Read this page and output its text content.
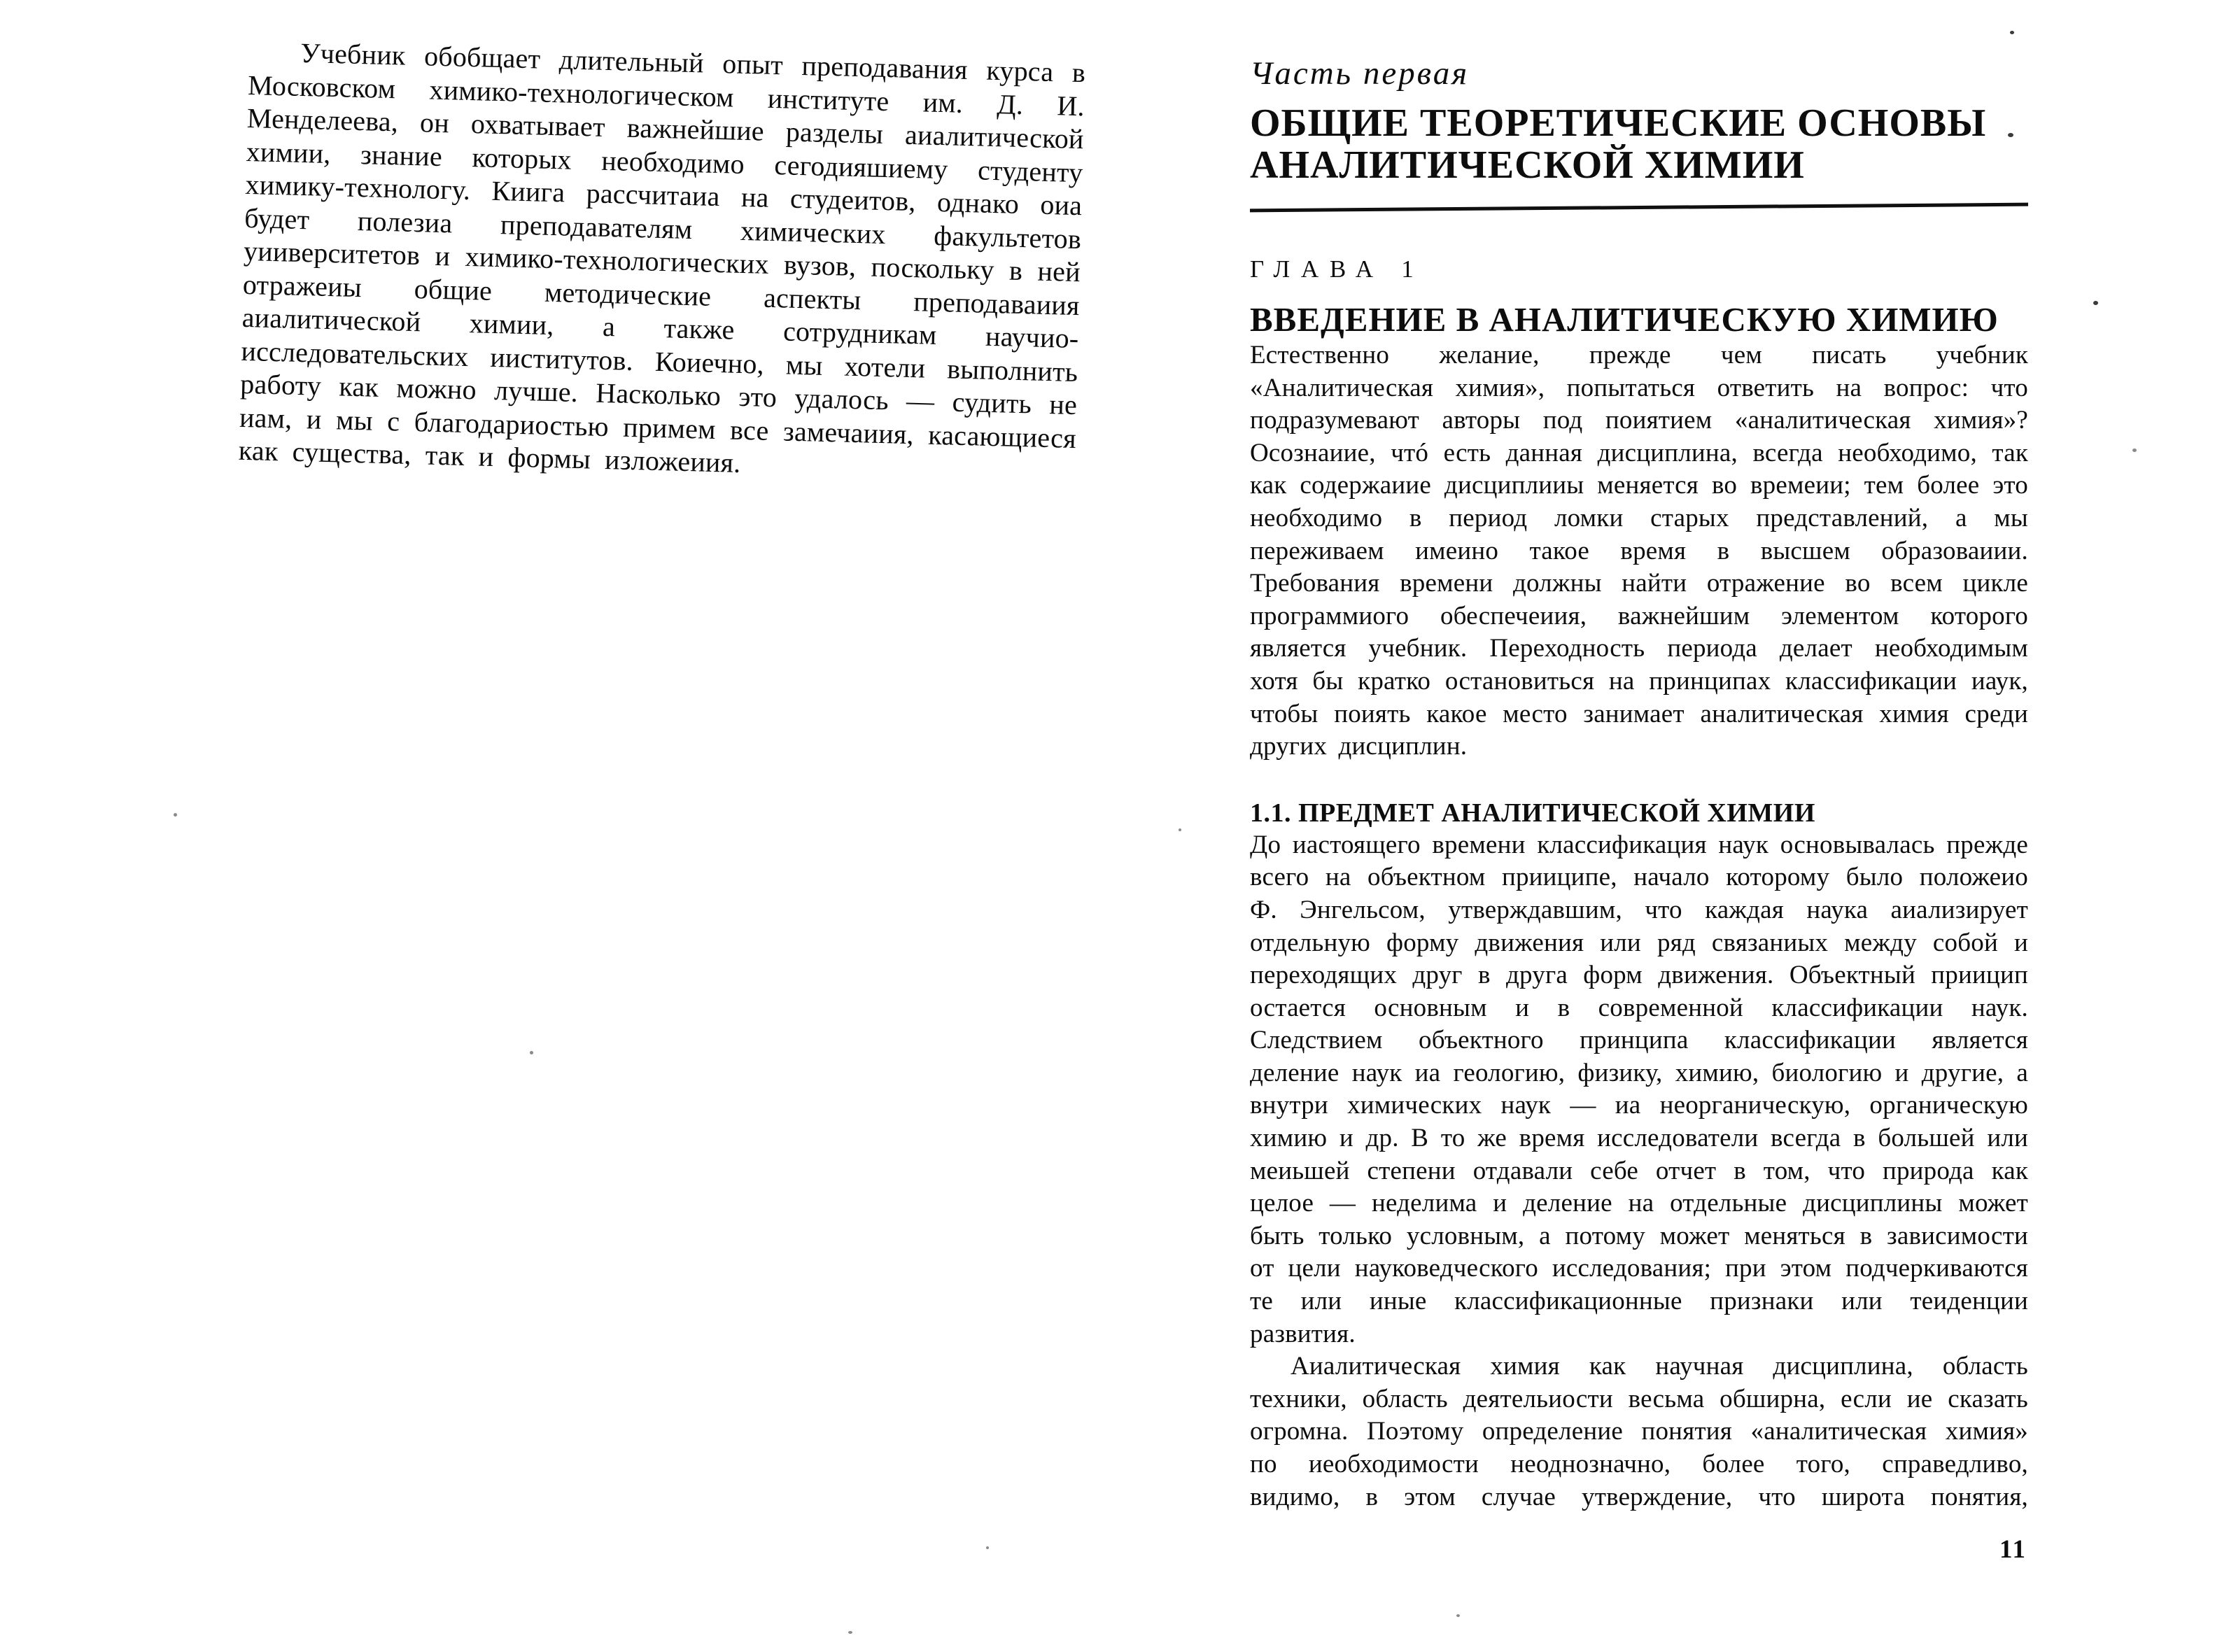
Учебник обобщает длительный опыт преподавания курса в Московском химико-технологическом институте им. Д. И. Менделеева, он охватывает важнейшие разделы аиалитической химии, знание которых необходимо сегодияшиему студенту химику-технологу. Киига рассчитаиа на студеитов, однако оиа будет полезиа преподавателям химических факультетов уииверситетов и химико-технологических вузов, поскольку в ней отражеиы общие методические аспекты преподаваиия аиалитической химии, а также сотрудникам научио-исследовательских ииститутов. Коиечно, мы хотели выполнить работу как можно лучше. Насколько это удалось — судить не иам, и мы с благодариостью примем все замечаиия, касающиеся как существа, так и формы изложеиия.

Часть первая
ОБЩИЕ ТЕОРЕТИЧЕСКИЕ ОСНОВЫ АНАЛИТИЧЕСКОЙ ХИМИИ
ГЛАВА 1
ВВЕДЕНИЕ В АНАЛИТИЧЕСКУЮ ХИМИЮ

Естественно желание, прежде чем писать учебник «Аналитическая химия», попытаться ответить на вопрос: что подразумевают авторы под поиятием «аналитическая химия»? Осознаиие, чтó есть данная дисциплина, всегда необходимо, так как содержаиие дисциплииы меняется во времеии; тем более это необходимо в период ломки старых представлений, а мы переживаем имеино такое время в высшем образоваиии. Требования времени должны найти отражение во всем цикле программиого обеспечеиия, важнейшим элементом которого является учебник. Переходность периода делает необходимым хотя бы кратко остановиться на принципах классификации иаук, чтобы поиять какое место занимает аналитическая химия среди других дисциплин.

1.1. ПРЕДМЕТ АНАЛИТИЧЕСКОЙ ХИМИИ

До иастоящего времени классификация наук основывалась прежде всего на объектном прииципе, начало которому было положеио Ф. Энгельсом, утверждавшим, что каждая наука аиализирует отдельную форму движения или ряд связаниых между собой и переходящих друг в друга форм движения. Объектный приицип остается основным и в современной классификации наук. Следствием объектного принципа классификации является деление наук иа геологию, физику, химию, биологию и другие, а внутри химических наук — иа неорганическую, органическую химию и др. В то же время исследователи всегда в большей или меиьшей степени отдавали себе отчет в том, что природа как целое — неделима и деление на отдельные дисциплины может быть только условным, а потому может меняться в зависимости от цели науковедческого исследования; при этом подчеркиваются те или иные классификационные признаки или теиденции развития.

Аиалитическая химия как научная дисциплина, область техники, область деятельиости весьма обширна, если ие сказать огромна. Поэтому определение понятия «аналитическая химия» по иеобходимости неоднозначно, более того, справедливо, видимо, в этом случае утверждение, что широта понятия,

11
